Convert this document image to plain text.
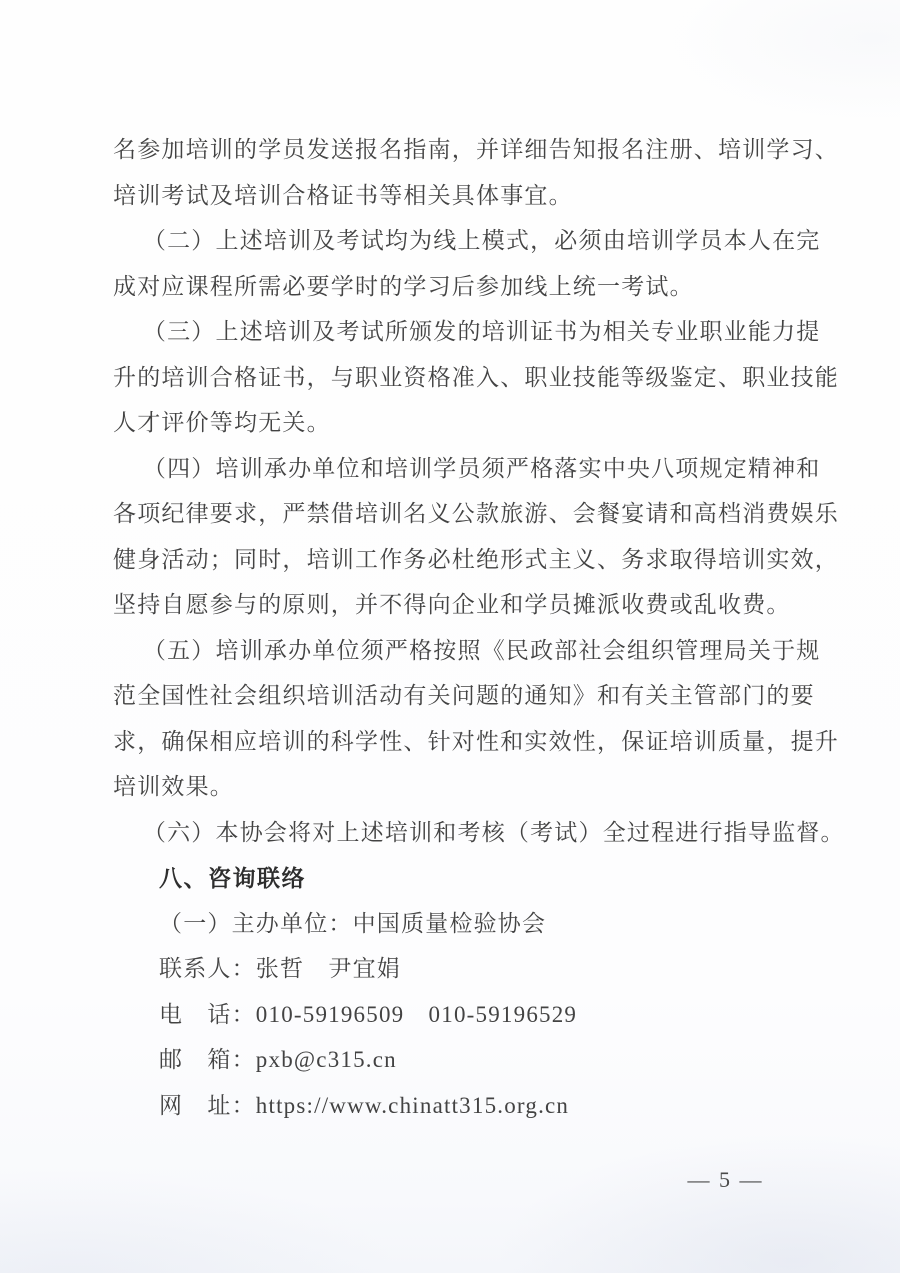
名参加培训的学员发送报名指南，并详细告知报名注册、培训学习、
培训考试及培训合格证书等相关具体事宜。
（二）上述培训及考试均为线上模式，必须由培训学员本人在完
成对应课程所需必要学时的学习后参加线上统一考试。
（三）上述培训及考试所颁发的培训证书为相关专业职业能力提
升的培训合格证书，与职业资格准入、职业技能等级鉴定、职业技能
人才评价等均无关。
（四）培训承办单位和培训学员须严格落实中央八项规定精神和
各项纪律要求，严禁借培训名义公款旅游、会餐宴请和高档消费娱乐
健身活动；同时，培训工作务必杜绝形式主义、务求取得培训实效，
坚持自愿参与的原则，并不得向企业和学员摊派收费或乱收费。
（五）培训承办单位须严格按照《民政部社会组织管理局关于规
范全国性社会组织培训活动有关问题的通知》和有关主管部门的要
求，确保相应培训的科学性、针对性和实效性，保证培训质量，提升
培训效果。
（六）本协会将对上述培训和考核（考试）全过程进行指导监督。
八、咨询联络
（一）主办单位：中国质量检验协会
联系人：张哲　尹宜娟
电　话：010-59196509　010-59196529
邮　箱：pxb@c315.cn
网　址：https://www.chinatt315.org.cn
— 5 —
